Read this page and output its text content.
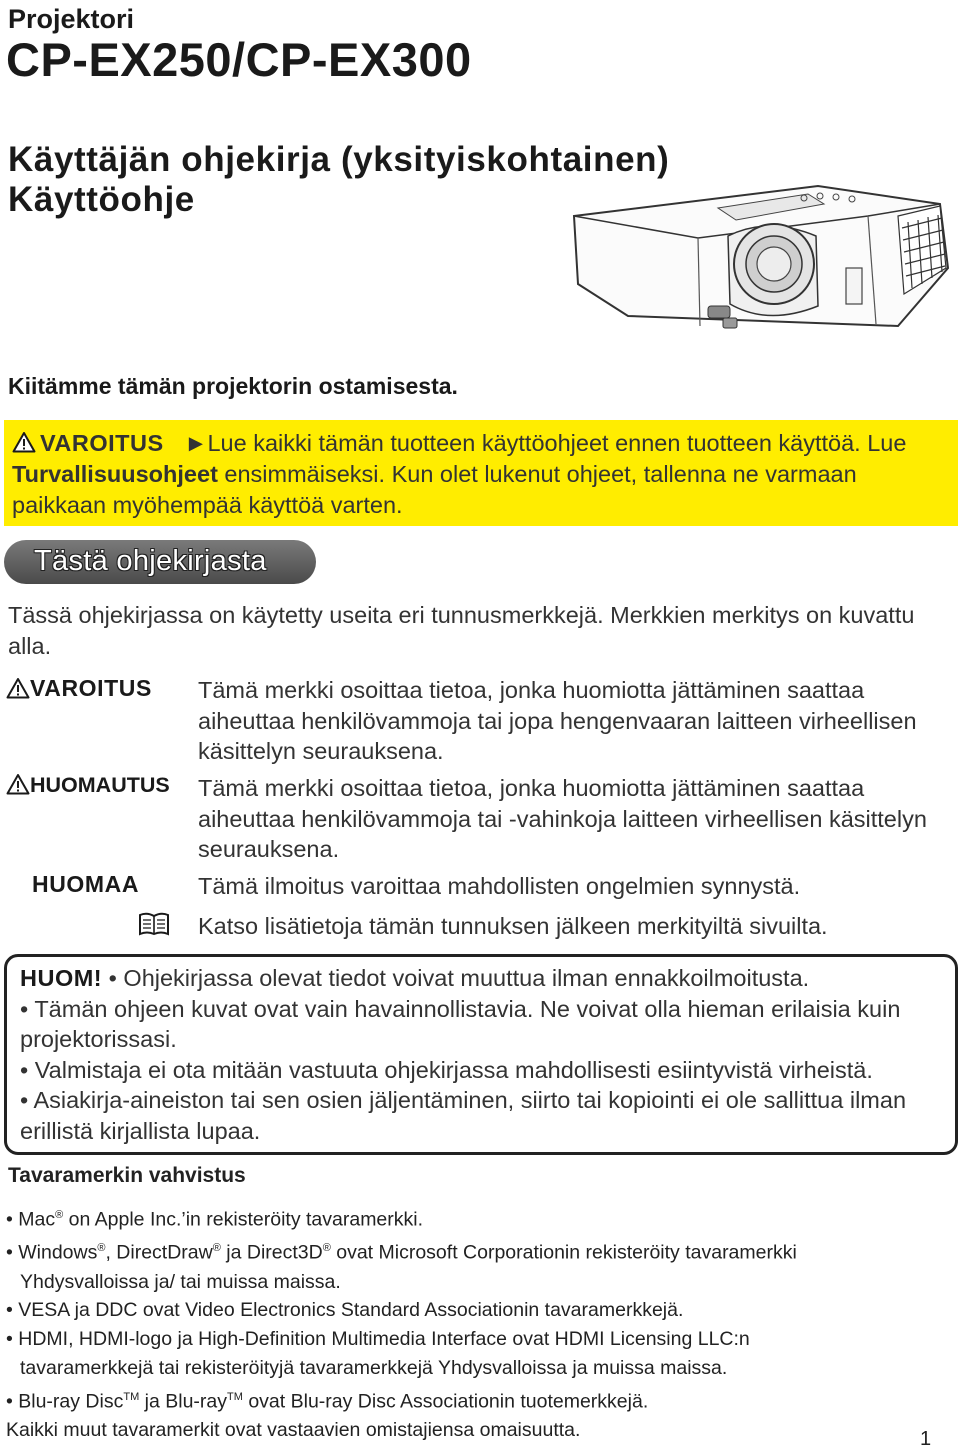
Projektori
CP-EX250/CP-EX300
Käyttäjän ohjekirja (yksityiskohtainen)
Käyttöohje
Kiitämme tämän projektorin ostamisesta.
VAROITUS ►Lue kaikki tämän tuotteen käyttöohjeet ennen tuotteen käyttöä. Lue Turvallisuusohjeet ensimmäiseksi. Kun olet lukenut ohjeet, tallenna ne varmaan paikkaan myöhempää käyttöä varten.
Tästä ohjekirjasta
Tässä ohjekirjassa on käytetty useita eri tunnusmerkkejä. Merkkien merkitys on kuvattu alla.
VAROITUS Tämä merkki osoittaa tietoa, jonka huomiotta jättäminen saattaa aiheuttaa henkilövammoja tai jopa hengenvaaran laitteen virheellisen käsittelyn seurauksena.
HUOMAUTUS Tämä merkki osoittaa tietoa, jonka huomiotta jättäminen saattaa aiheuttaa henkilövammoja tai -vahinkoja laitteen virheellisen käsittelyn seurauksena.
HUOMAA	Tämä ilmoitus varoittaa mahdollisten ongelmien synnystä.
Katso lisätietoja tämän tunnuksen jälkeen merkityiltä sivuilta.
HUOM! • Ohjekirjassa olevat tiedot voivat muuttua ilman ennakkoilmoitusta.
• Tämän ohjeen kuvat ovat vain havainnollistavia. Ne voivat olla hieman erilaisia kuin projektorissasi.
• Valmistaja ei ota mitään vastuuta ohjekirjassa mahdollisesti esiintyvistä virheistä.
• Asiakirja-aineiston tai sen osien jäljentäminen, siirto tai kopiointi ei ole sallittua ilman erillistä kirjallista lupaa.
Tavaramerkin vahvistus
• Mac® on Apple Inc.’in rekisteröity tavaramerkki.
• Windows®, DirectDraw® ja Direct3D® ovat Microsoft Corporationin rekisteröity tavaramerkki
Yhdysvalloissa ja/ tai muissa maissa.
• VESA ja DDC ovat Video Electronics Standard Associationin tavaramerkkejä.
• HDMI, HDMI-logo ja High-Definition Multimedia Interface ovat HDMI Licensing LLC:n
tavaramerkkejä tai rekisteröityjä tavaramerkkejä Yhdysvalloissa ja muissa maissa.
• Blu-ray Disc™ ja Blu-ray™ ovat Blu-ray Disc Associationin tuotemerkkejä.
Kaikki muut tavaramerkit ovat vastaavien omistajiensa omaisuutta.	1
